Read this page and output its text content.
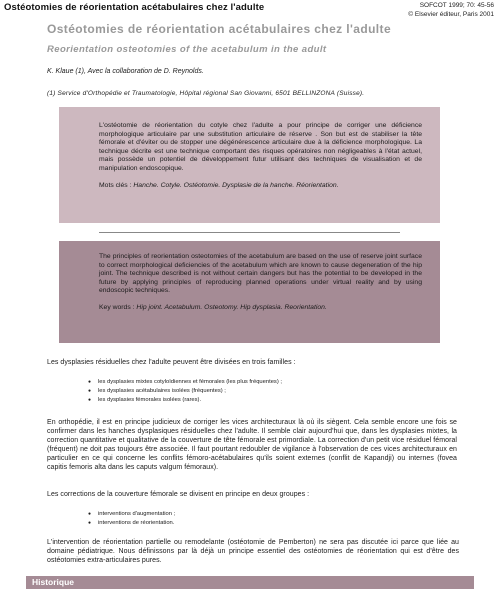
Ostéotomies de réorientation acétabulaires chez l'adulte	SOFCOT 1999; 70: 45-56
© Elsevier éditeur, Paris 2001
Ostéotomies de réorientation acétabulaires chez l'adulte
Reorientation osteotomies of the acetabulum in the adult
K. Klaue (1), Avec la collaboration de D. Reynolds.
(1) Service d'Orthopédie et Traumatologie, Hôpital régional San Giovanni, 6501 BELLINZONA (Suisse).

L'ostéotomie de réorientation du cotyle chez l'adulte a pour principe de corriger une déficience morphologique articulaire par une substitution articulaire de réserve . Son but est de stabiliser la tête fémorale et d'éviter ou de stopper une dégénérescence articulaire due à la déficience morphologique. La technique décrite est une technique comportant des risques opératoires non négligeables à l'état actuel, mais possède un potentiel de développement futur utilisant des techniques de visualisation et de manipulation endoscopique.

Mots clés : Hanche. Cotyle. Ostéotomie. Dysplasie de la hanche. Réorientation.

The principles of reorientation osteotomies of the acetabulum are based on the use of reserve joint surface to correct morphological deficiencies of the acetabulum which are known to cause degeneration of the hip joint. The technique described is not without certain dangers but has the potential to be developed in the future by applying principles of reproducing planned operations under virtual reality and by using endoscopic techniques.

Key words : Hip joint. Acetabulum. Osteotomy. Hip dysplasia. Reorientation.

Les dysplasies résiduelles chez l'adulte peuvent être divisées en trois familles :

● les dysplasies mixtes cotyloïdiennes et fémorales (les plus fréquentes) ;
● les dysplasies acétabulaires isolées (fréquentes) ;
● les dysplasies fémorales isolées (rares).

En orthopédie, il est en principe judicieux de corriger les vices architecturaux là où ils siègent. Cela semble encore une fois se confirmer dans les hanches dysplasiques résiduelles chez l'adulte. Il semble clair aujourd'hui que, dans les dysplasies mixtes, la correction quantitative et qualitative de la couverture de tête fémorale est primordiale. La correction d'un petit vice résiduel fémoral (fréquent) ne doit pas toujours être associée. Il faut pourtant redoubler de vigilance à l'observation de ces vices architecturaux en particulier en ce qui concerne les conflits fémoro-acétabulaires qu'ils soient externes (conflit de Kapandji) ou internes (fovea capitis femoris alta dans les caputs valgum fémoraux).

Les corrections de la couverture fémorale se divisent en principe en deux groupes :

● interventions d'augmentation ;
● interventions de réorientation.

L'intervention de réorientation partielle ou remodelante (ostéotomie de Pemberton) ne sera pas discutée ici parce que liée au domaine pédiatrique. Nous définissons par là déjà un principe essentiel des ostéotomies de réorientation qui est d'être des ostéotomies extra-articulaires pures.

Historique
